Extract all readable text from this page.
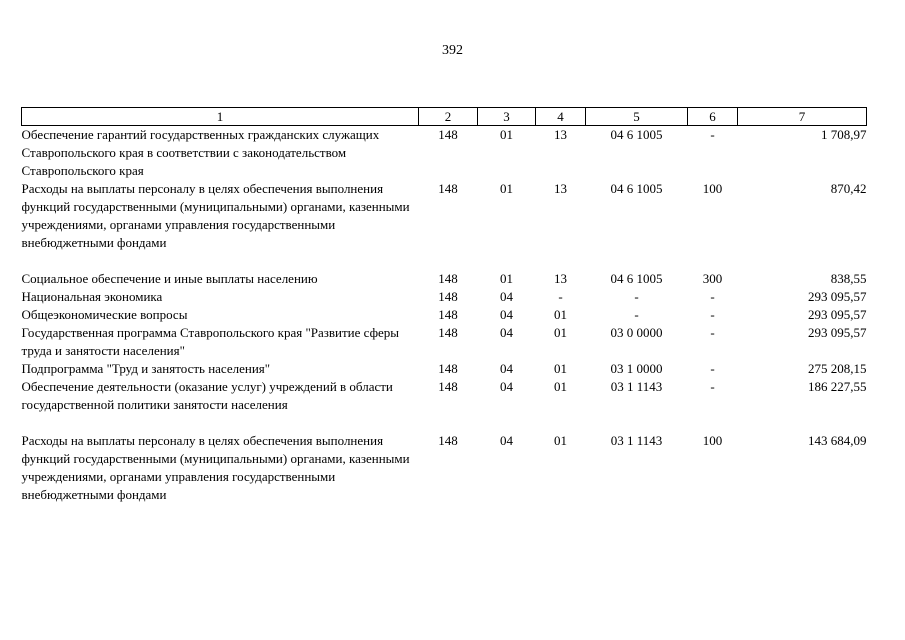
392
1	2	3	4	5	6	7
Обеспечение гарантий государственных гражданских служащих Ставропольского края в соответствии с законодательством Ставропольского края	148	01	13	04 6 1005	-	1 708,97
Расходы на выплаты персоналу в целях обеспечения выполнения функций государственными (муниципальными) органами, казенными учреждениями, органами управления государственными внебюджетными фондами	148	01	13	04 6 1005	100	870,42

Социальное обеспечение и иные выплаты населению	148	01	13	04 6 1005	300	838,55
Национальная экономика	148	04	-	-	-	293 095,57
Общеэкономические вопросы	148	04	01	-	-	293 095,57
Государственная программа Ставропольского края "Развитие сферы труда и занятости населения"	148	04	01	03 0 0000	-	293 095,57
Подпрограмма "Труд и занятость населения"	148	04	01	03 1 0000	-	275 208,15
Обеспечение деятельности (оказание услуг) учреждений в области государственной политики занятости населения	148	04	01	03 1 1143	-	186 227,55

Расходы на выплаты персоналу в целях обеспечения выполнения функций государственными (муниципальными) органами, казенными учреждениями, органами управления государственными внебюджетными фондами	148	04	01	03 1 1143	100	143 684,09
